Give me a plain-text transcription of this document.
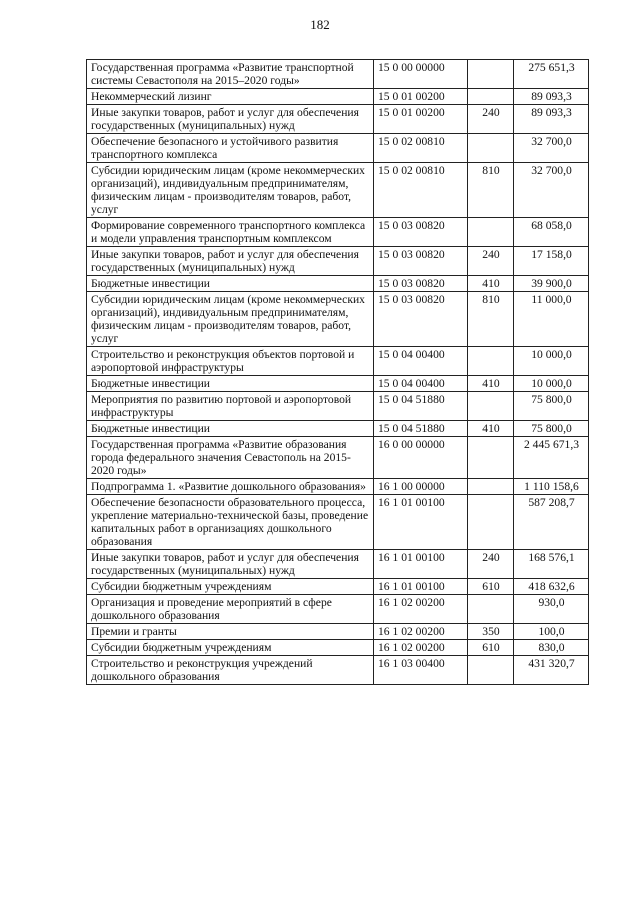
182
Государственная программа «Развитие транспортной системы Севастополя на 2015–2020 годы»	15 0 00 00000		275 651,3
Некоммерческий лизинг	15 0 01 00200		89 093,3
Иные закупки товаров, работ и услуг для обеспечения государственных (муниципальных) нужд	15 0 01 00200	240	89 093,3
Обеспечение безопасного и устойчивого развития транспортного комплекса	15 0 02 00810		32 700,0
Субсидии юридическим лицам (кроме некоммерческих организаций), индивидуальным предпринимателям, физическим лицам - производителям товаров, работ, услуг	15 0 02 00810	810	32 700,0
Формирование современного транспортного комплекса и модели управления транспортным комплексом	15 0 03 00820		68 058,0
Иные закупки товаров, работ и услуг для обеспечения государственных (муниципальных) нужд	15 0 03 00820	240	17 158,0
Бюджетные инвестиции	15 0 03 00820	410	39 900,0
Субсидии юридическим лицам (кроме некоммерческих организаций), индивидуальным предпринимателям, физическим лицам - производителям товаров, работ, услуг	15 0 03 00820	810	11 000,0
Строительство и реконструкция объектов портовой и аэропортовой инфраструктуры	15 0 04 00400		10 000,0
Бюджетные инвестиции	15 0 04 00400	410	10 000,0
Мероприятия по развитию портовой и аэропортовой инфраструктуры	15 0 04 51880		75 800,0
Бюджетные инвестиции	15 0 04 51880	410	75 800,0
Государственная программа «Развитие образования города федерального значения Севастополь на 2015-2020 годы»	16 0 00 00000		2 445 671,3
Подпрограмма 1. «Развитие дошкольного образования»	16 1 00 00000		1 110 158,6
Обеспечение безопасности образовательного процесса, укрепление материально-технической базы, проведение капитальных работ в организациях дошкольного образования	16 1 01 00100		587 208,7
Иные закупки товаров, работ и услуг для обеспечения государственных (муниципальных) нужд	16 1 01 00100	240	168 576,1
Субсидии бюджетным учреждениям	16 1 01 00100	610	418 632,6
Организация и проведение мероприятий в сфере дошкольного образования	16 1 02 00200		930,0
Премии и гранты	16 1 02 00200	350	100,0
Субсидии бюджетным учреждениям	16 1 02 00200	610	830,0
Строительство и реконструкция учреждений дошкольного образования	16 1 03 00400		431 320,7
